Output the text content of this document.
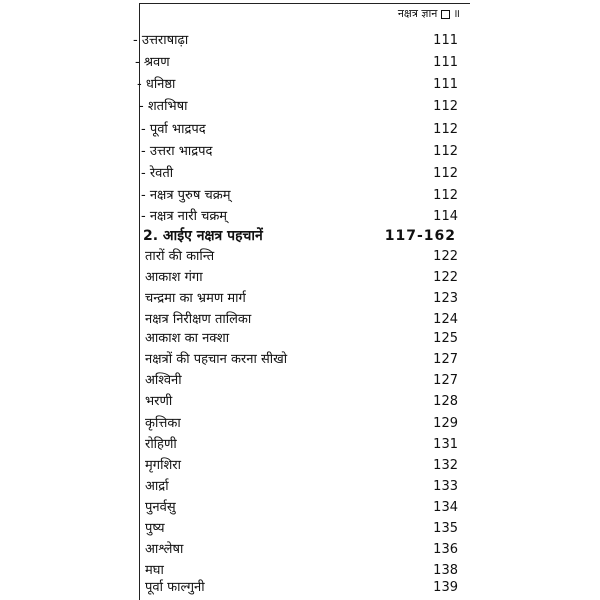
नक्षत्र ज्ञान ॥
- उत्तराषाढ़ा	111
- श्रवण	111
- धनिष्ठा	111
- शतभिषा	112
- पूर्वा भाद्रपद	112
- उत्तरा भाद्रपद	112
- रेवती	112
- नक्षत्र पुरुष चक्रम्	112
- नक्षत्र नारी चक्रम्	114
2. आईए नक्षत्र पहचानें	117-162
तारों की कान्ति	122
आकाश गंगा	122
चन्द्रमा का भ्रमण मार्ग	123
नक्षत्र निरीक्षण तालिका	124
आकाश का नक्शा	125
नक्षत्रों की पहचान करना सीखो	127
अश्विनी	127
भरणी	128
कृत्तिका	129
रोहिणी	131
मृगशिरा	132
आर्द्रा	133
पुनर्वसु	134
पुष्य	135
आश्लेषा	136
मघा	138
पूर्वा फाल्गुनी	139
